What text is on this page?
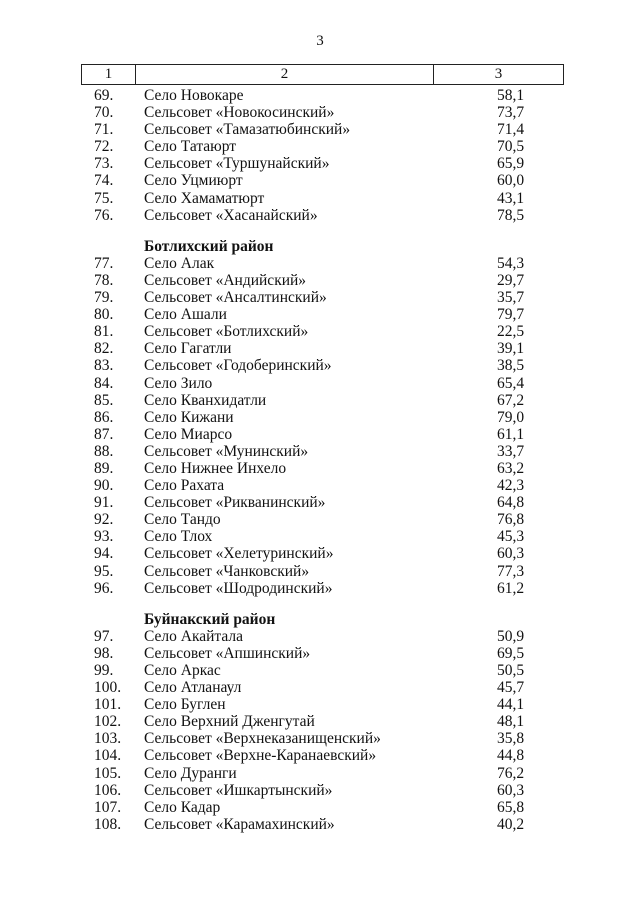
3
1	2	3
69. Село Новокаре	58,1
70. Сельсовет «Новокосинский»	73,7
71. Сельсовет «Тамазатюбинский»	71,4
72. Село Татаюрт	70,5
73. Сельсовет «Туршунайский»	65,9
74. Село Уцмиюрт	60,0
75. Село Хамаматюрт	43,1
76. Сельсовет «Хасанайский»	78,5
Ботлихский район
77. Село Алак	54,3
78. Сельсовет «Андийский»	29,7
79. Сельсовет «Ансалтинский»	35,7
80. Село Ашали	79,7
81. Сельсовет «Ботлихский»	22,5
82. Село Гагатли	39,1
83. Сельсовет «Годоберинский»	38,5
84. Село Зило	65,4
85. Село Кванхидатли	67,2
86. Село Кижани	79,0
87. Село Миарсо	61,1
88. Сельсовет «Мунинский»	33,7
89. Село Нижнее Инхело	63,2
90. Село Рахата	42,3
91. Сельсовет «Рикванинский»	64,8
92. Село Тандо	76,8
93. Село Тлох	45,3
94. Сельсовет «Хелетуринский»	60,3
95. Сельсовет «Чанковский»	77,3
96. Сельсовет «Шодродинский»	61,2
Буйнакский район
97. Село Акайтала	50,9
98. Сельсовет «Апшинский»	69,5
99. Село Аркас	50,5
100. Село Атланаул	45,7
101. Село Буглен	44,1
102. Село Верхний Дженгутай	48,1
103. Сельсовет «Верхнеказанищенский»	35,8
104. Сельсовет «Верхне-Каранаевский»	44,8
105. Село Дуранги	76,2
106. Сельсовет «Ишкартынский»	60,3
107. Село Кадар	65,8
108. Сельсовет «Карамахинский»	40,2
